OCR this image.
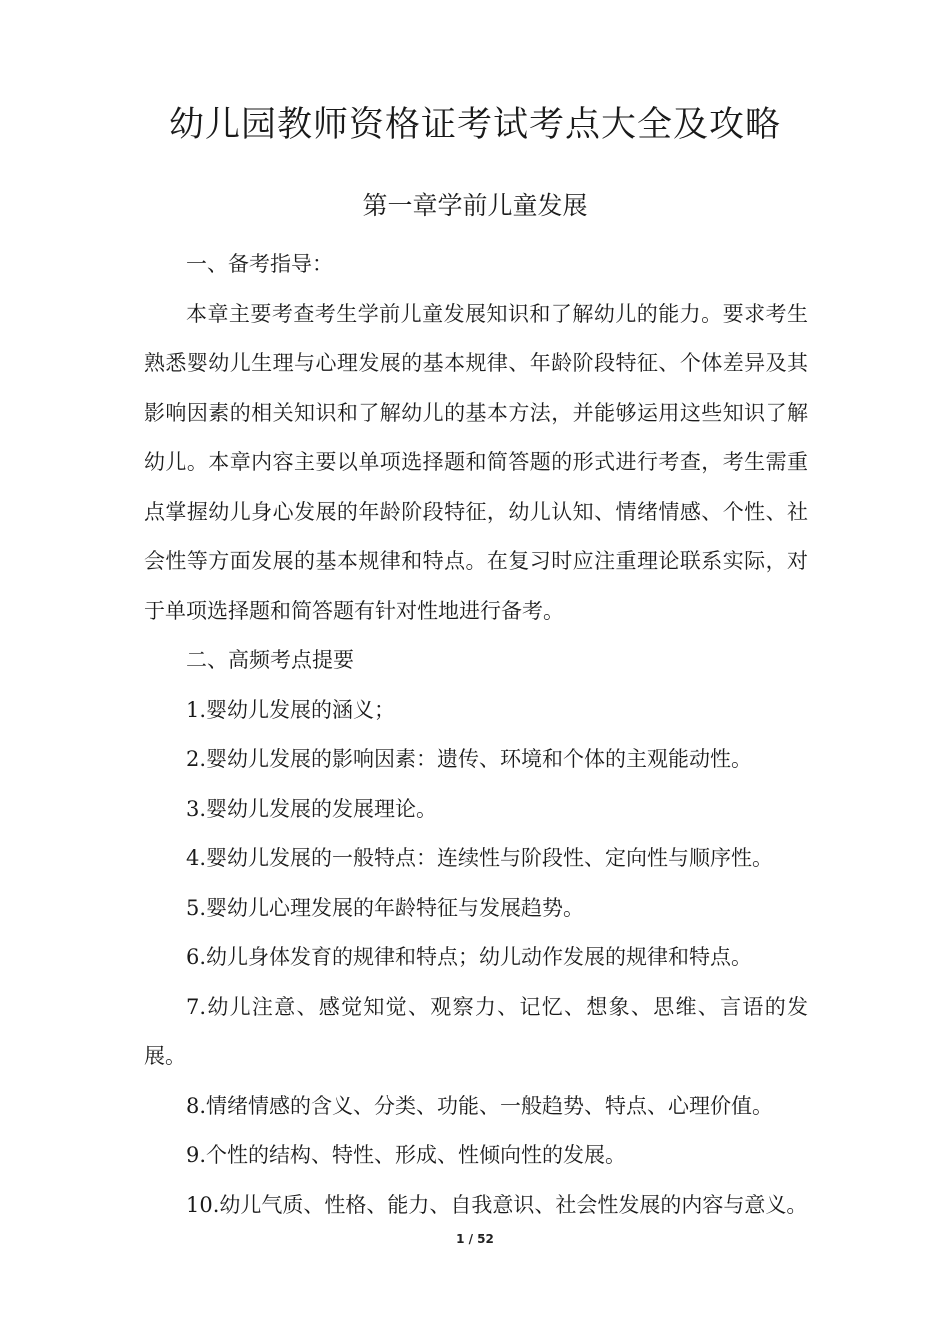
幼儿园教师资格证考试考点大全及攻略
第一章学前儿童发展

一、备考指导：

本章主要考查考生学前儿童发展知识和了解幼儿的能力。要求考生熟悉婴幼儿生理与心理发展的基本规律、年龄阶段特征、个体差异及其影响因素的相关知识和了解幼儿的基本方法，并能够运用这些知识了解幼儿。本章内容主要以单项选择题和简答题的形式进行考查，考生需重点掌握幼儿身心发展的年龄阶段特征，幼儿认知、情绪情感、个性、社会性等方面发展的基本规律和特点。在复习时应注重理论联系实际，对于单项选择题和简答题有针对性地进行备考。

二、高频考点提要

1.婴幼儿发展的涵义；

2.婴幼儿发展的影响因素：遗传、环境和个体的主观能动性。

3.婴幼儿发展的发展理论。

4.婴幼儿发展的一般特点：连续性与阶段性、定向性与顺序性。

5.婴幼儿心理发展的年龄特征与发展趋势。

6.幼儿身体发育的规律和特点；幼儿动作发展的规律和特点。

7.幼儿注意、感觉知觉、观察力、记忆、想象、思维、言语的发展。

8.情绪情感的含义、分类、功能、一般趋势、特点、心理价值。

9.个性的结构、特性、形成、性倾向性的发展。

10.幼儿气质、性格、能力、自我意识、社会性发展的内容与意义。

1 / 52
